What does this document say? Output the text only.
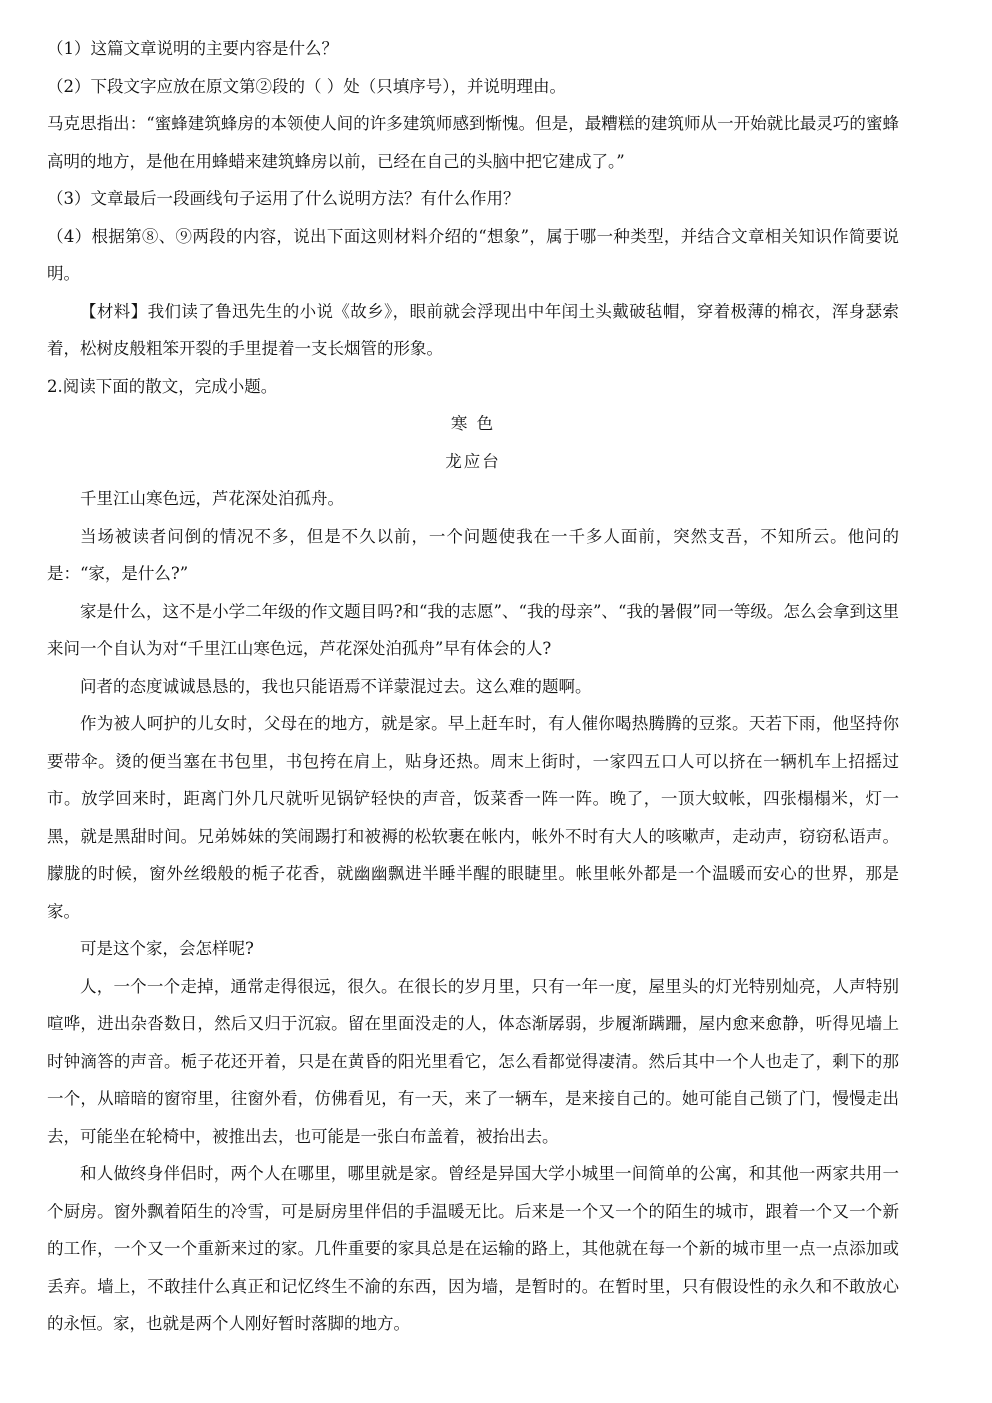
（1）这篇文章说明的主要内容是什么？

（2）下段文字应放在原文第②段的（ ）处（只填序号），并说明理由。

马克思指出：“蜜蜂建筑蜂房的本领使人间的许多建筑师感到惭愧。但是，最糟糕的建筑师从一开始就比最灵巧的蜜蜂高明的地方，是他在用蜂蜡来建筑蜂房以前，已经在自己的头脑中把它建成了。”

（3）文章最后一段画线句子运用了什么说明方法？有什么作用？

（4）根据第⑧、⑨两段的内容，说出下面这则材料介绍的“想象”，属于哪一种类型，并结合文章相关知识作简要说明。

【材料】我们读了鲁迅先生的小说《故乡》，眼前就会浮现出中年闰土头戴破毡帽，穿着极薄的棉衣，浑身瑟索着，松树皮般粗笨开裂的手里提着一支长烟管的形象。

2.阅读下面的散文，完成小题。

寒 色

龙应台

千里江山寒色远，芦花深处泊孤舟。

当场被读者问倒的情况不多，但是不久以前，一个问题使我在一千多人面前，突然支吾，不知所云。他问的是：“家，是什么?”

家是什么，这不是小学二年级的作文题目吗?和“我的志愿”、“我的母亲”、“我的暑假”同一等级。怎么会拿到这里来问一个自认为对“千里江山寒色远，芦花深处泊孤舟”早有体会的人?

问者的态度诚诚恳恳的，我也只能语焉不详蒙混过去。这么难的题啊。

作为被人呵护的儿女时，父母在的地方，就是家。早上赶车时，有人催你喝热腾腾的豆浆。天若下雨，他坚持你要带伞。烫的便当塞在书包里，书包挎在肩上，贴身还热。周末上街时，一家四五口人可以挤在一辆机车上招摇过市。放学回来时，距离门外几尺就听见锅铲轻快的声音，饭菜香一阵一阵。晚了，一顶大蚊帐，四张榻榻米，灯一黑，就是黑甜时间。兄弟姊妹的笑闹踢打和被褥的松软裹在帐内，帐外不时有大人的咳嗽声，走动声，窃窃私语声。朦胧的时候，窗外丝缎般的栀子花香，就幽幽飘进半睡半醒的眼睫里。帐里帐外都是一个温暖而安心的世界，那是家。

可是这个家，会怎样呢?

人，一个一个走掉，通常走得很远，很久。在很长的岁月里，只有一年一度，屋里头的灯光特别灿亮，人声特别喧哗，进出杂沓数日，然后又归于沉寂。留在里面没走的人，体态渐孱弱，步履渐蹒跚，屋内愈来愈静，听得见墙上时钟滴答的声音。栀子花还开着，只是在黄昏的阳光里看它，怎么看都觉得凄清。然后其中一个人也走了，剩下的那一个，从暗暗的窗帘里，往窗外看，仿佛看见，有一天，来了一辆车，是来接自己的。她可能自己锁了门，慢慢走出去，可能坐在轮椅中，被推出去，也可能是一张白布盖着，被抬出去。

和人做终身伴侣时，两个人在哪里，哪里就是家。曾经是异国大学小城里一间简单的公寓，和其他一两家共用一个厨房。窗外飘着陌生的冷雪，可是厨房里伴侣的手温暖无比。后来是一个又一个的陌生的城市，跟着一个又一个新的工作，一个又一个重新来过的家。几件重要的家具总是在运输的路上，其他就在每一个新的城市里一点一点添加或丢弃。墙上，不敢挂什么真正和记忆终生不渝的东西，因为墙，是暂时的。在暂时里，只有假设性的永久和不敢放心的永恒。家，也就是两个人刚好暂时落脚的地方。
